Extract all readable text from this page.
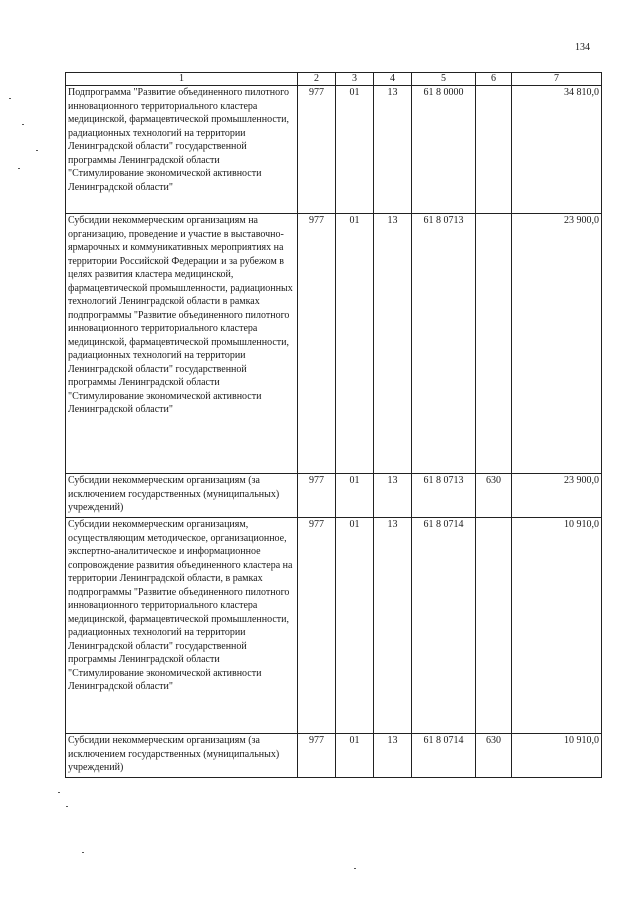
134
1	2	3	4	5	6	7
Подпрограмма "Развитие объединенного пилотного инновационного территориального кластера медицинской, фармацевтической промышленности, радиационных технологий на территории Ленинградской области" государственной программы Ленинградской области "Стимулирование экономической активности Ленинградской области"	977	01	13	61 8 0000		34 810,0
Субсидии некоммерческим организациям на организацию, проведение и участие в выставочно-ярмарочных и коммуникативных мероприятиях на территории Российской Федерации и за рубежом в целях развития кластера медицинской, фармацевтической промышленности, радиационных технологий Ленинградской области в рамках подпрограммы "Развитие объединенного пилотного инновационного территориального кластера медицинской, фармацевтической промышленности, радиационных технологий на территории Ленинградской области" государственной программы Ленинградской области "Стимулирование экономической активности Ленинградской области"	977	01	13	61 8 0713		23 900,0
Субсидии некоммерческим организациям (за исключением государственных (муниципальных) учреждений)	977	01	13	61 8 0713	630	23 900,0
Субсидии некоммерческим организациям, осуществляющим методическое, организационное, экспертно-аналитическое и информационное сопровождение развития объединенного кластера на территории Ленинградской области, в рамках подпрограммы "Развитие объединенного пилотного инновационного территориального кластера медицинской, фармацевтической промышленности, радиационных технологий на территории Ленинградской области" государственной программы Ленинградской области "Стимулирование экономической активности Ленинградской области"	977	01	13	61 8 0714		10 910,0
Субсидии некоммерческим организациям (за исключением государственных (муниципальных) учреждений)	977	01	13	61 8 0714	630	10 910,0
